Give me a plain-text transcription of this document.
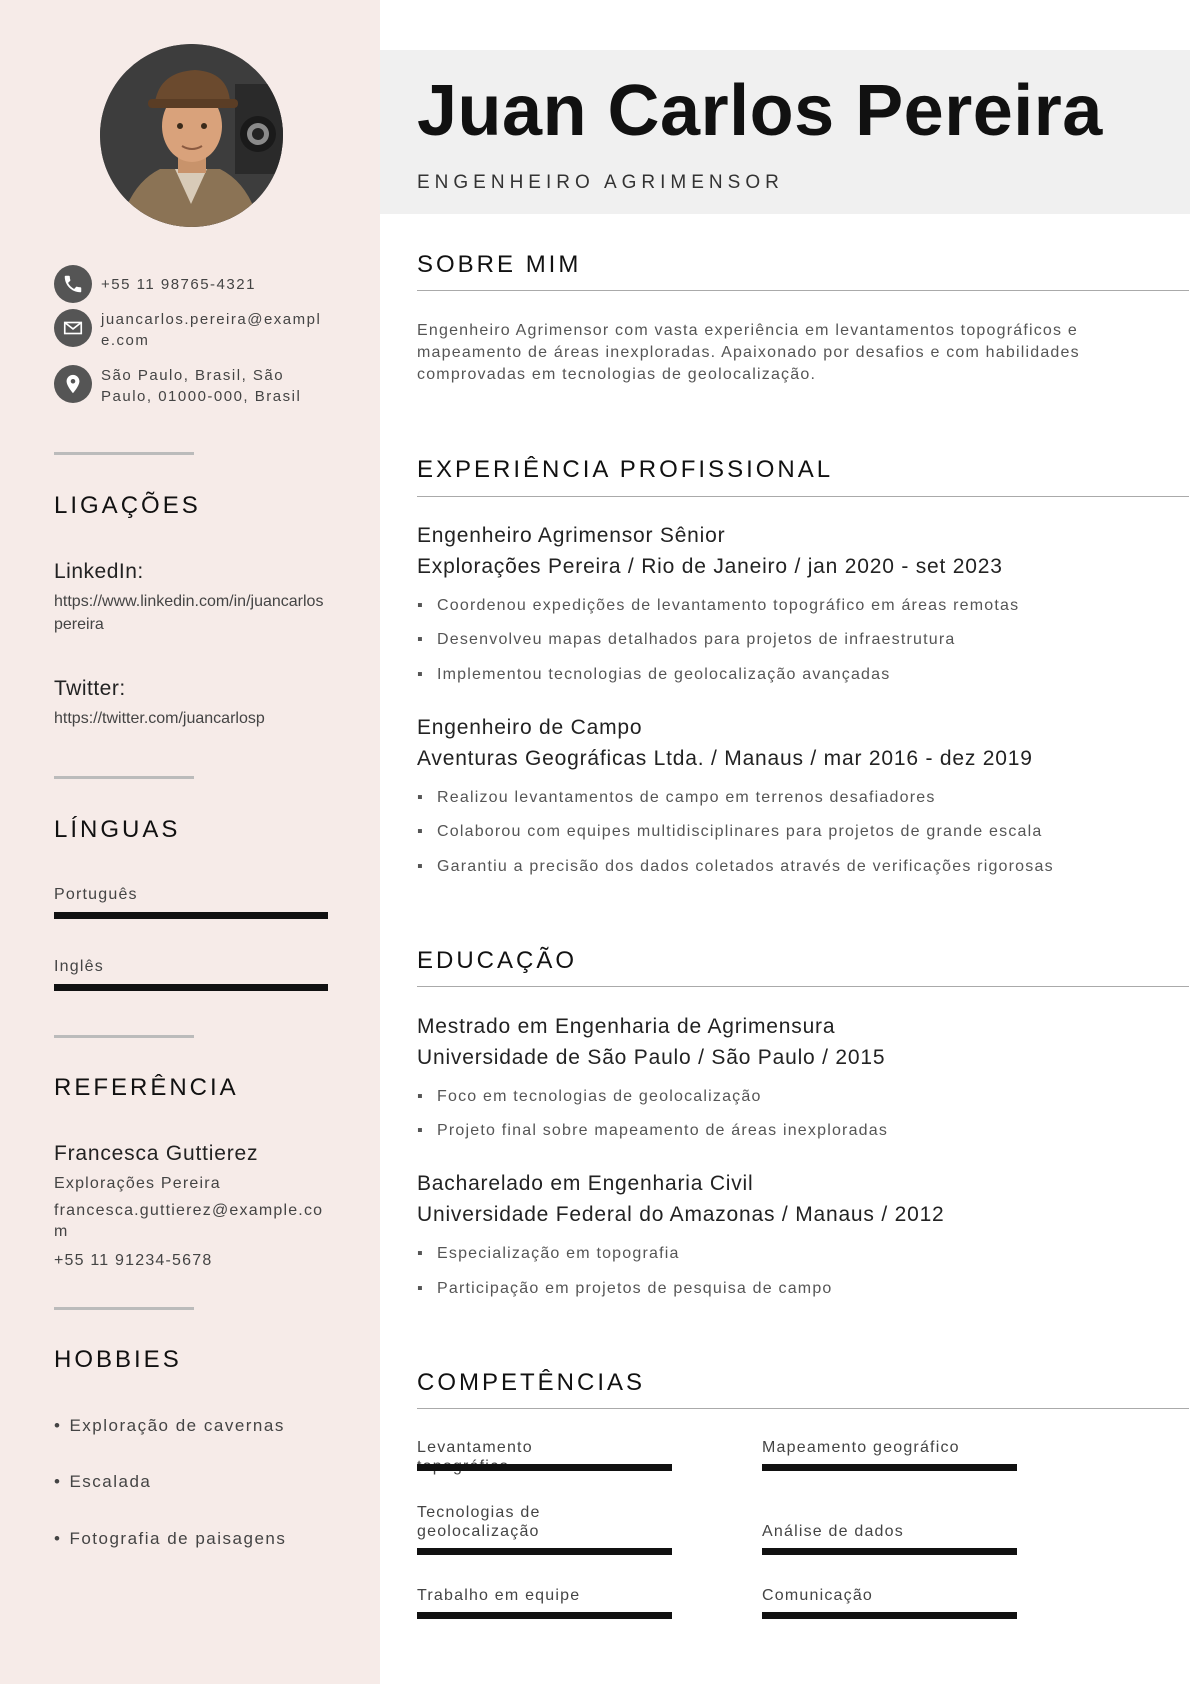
+55 11 98765-4321
juancarlos.pereira@example.com
São Paulo, Brasil, São Paulo, 01000-000, Brasil
LIGAÇÕES
LinkedIn:
https://www.linkedin.com/in/juancarlospereira
Twitter:
https://twitter.com/juancarlosp
LÍNGUAS
Português
Inglês
REFERÊNCIA
Francesca Guttierez
Explorações Pereira
francesca.guttierez@example.com
+55 11 91234-5678
HOBBIES
• Exploração de cavernas
• Escalada
• Fotografia de paisagens
Juan Carlos Pereira
ENGENHEIRO AGRIMENSOR
SOBRE MIM
Engenheiro Agrimensor com vasta experiência em levantamentos topográficos e mapeamento de áreas inexploradas. Apaixonado por desafios e com habilidades comprovadas em tecnologias de geolocalização.
EXPERIÊNCIA PROFISSIONAL
Engenheiro Agrimensor Sênior
Explorações Pereira / Rio de Janeiro / jan 2020 - set 2023
▪ Coordenou expedições de levantamento topográfico em áreas remotas
▪ Desenvolveu mapas detalhados para projetos de infraestrutura
▪ Implementou tecnologias de geolocalização avançadas
Engenheiro de Campo
Aventuras Geográficas Ltda. / Manaus / mar 2016 - dez 2019
▪ Realizou levantamentos de campo em terrenos desafiadores
▪ Colaborou com equipes multidisciplinares para projetos de grande escala
▪ Garantiu a precisão dos dados coletados através de verificações rigorosas
EDUCAÇÃO
Mestrado em Engenharia de Agrimensura
Universidade de São Paulo / São Paulo / 2015
▪ Foco em tecnologias de geolocalização
▪ Projeto final sobre mapeamento de áreas inexploradas
Bacharelado em Engenharia Civil
Universidade Federal do Amazonas / Manaus / 2012
▪ Especialização em topografia
▪ Participação em projetos de pesquisa de campo
COMPETÊNCIAS
Levantamento	Mapeamento geográfico
Tecnologias de geolocalização	Análise de dados
Trabalho em equipe	Comunicação
